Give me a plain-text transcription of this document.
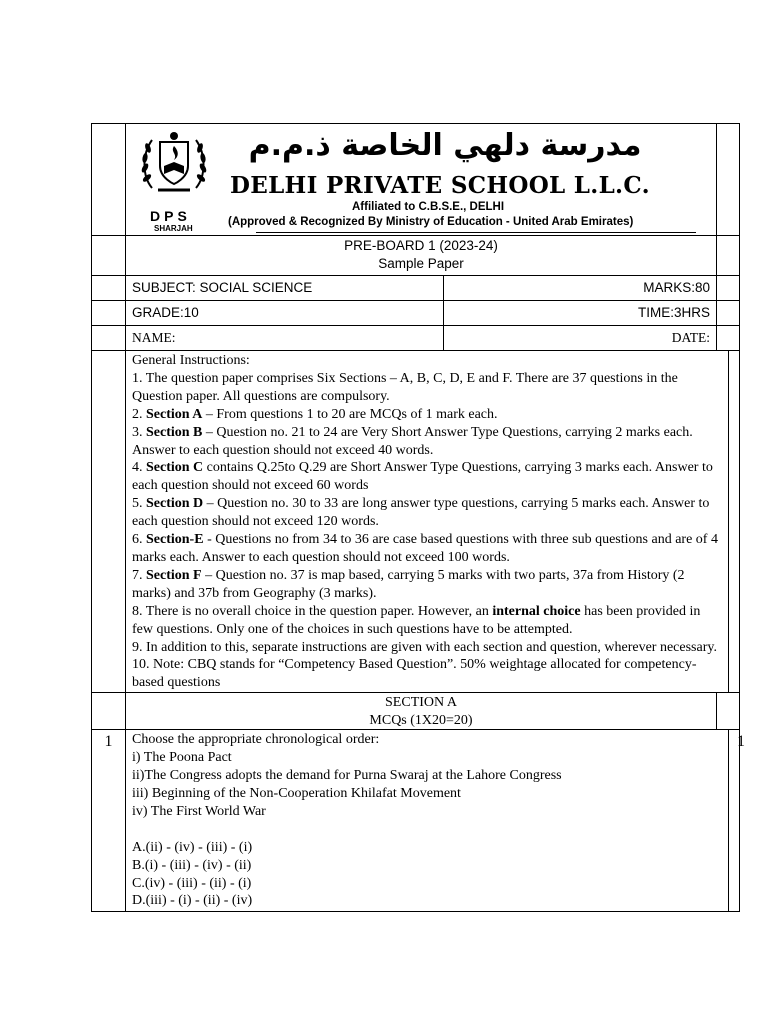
DPS
SHARJAH
مدرسة دلهي الخاصة ذ.م.م
DELHI PRIVATE SCHOOL L.L.C.
Affiliated to C.B.S.E., DELHI
(Approved & Recognized By Ministry of Education - United Arab Emirates)
PRE-BOARD 1 (2023-24)
Sample Paper
SUBJECT: SOCIAL SCIENCE	MARKS:80
GRADE:10	TIME:3HRS
NAME:	DATE:

General Instructions:

1. The question paper comprises Six Sections – A, B, C, D, E and F. There are 37 questions in the Question paper. All questions are compulsory.

2. Section A – From questions 1 to 20 are MCQs of 1 mark each.

3. Section B – Question no. 21 to 24 are Very Short Answer Type Questions, carrying 2 marks each. Answer to each question should not exceed 40 words.

4. Section C contains Q.25to Q.29 are Short Answer Type Questions, carrying 3 marks each. Answer to each question should not exceed 60 words

5. Section D – Question no. 30 to 33 are long answer type questions, carrying 5 marks each. Answer to each question should not exceed 120 words.

6. Section-E - Questions no from 34 to 36 are case based questions with three sub questions and are of 4 marks each. Answer to each question should not exceed 100 words.

7. Section F – Question no. 37 is map based, carrying 5 marks with two parts, 37a from History (2 marks) and 37b from Geography (3 marks).

8. There is no overall choice in the question paper. However, an internal choice has been provided in few questions. Only one of the choices in such questions have to be attempted.

9. In addition to this, separate instructions are given with each section and question, wherever necessary.

10. Note: CBQ stands for “Competency Based Question”. 50% weightage allocated for competency-based questions

SECTION A
MCQs (1X20=20)
1	Choose the appropriate chronological order:

i) The Poona Pact

ii)The Congress adopts the demand for Purna Swaraj at the Lahore Congress

iii) Beginning of the Non-Cooperation Khilafat Movement

iv) The First World War

A.(ii) - (iv) - (iii) - (i)

B.(i) - (iii) - (iv) - (ii)

C.(iv) - (iii) - (ii) - (i)

D.(iii) - (i) - (ii) - (iv)

1
